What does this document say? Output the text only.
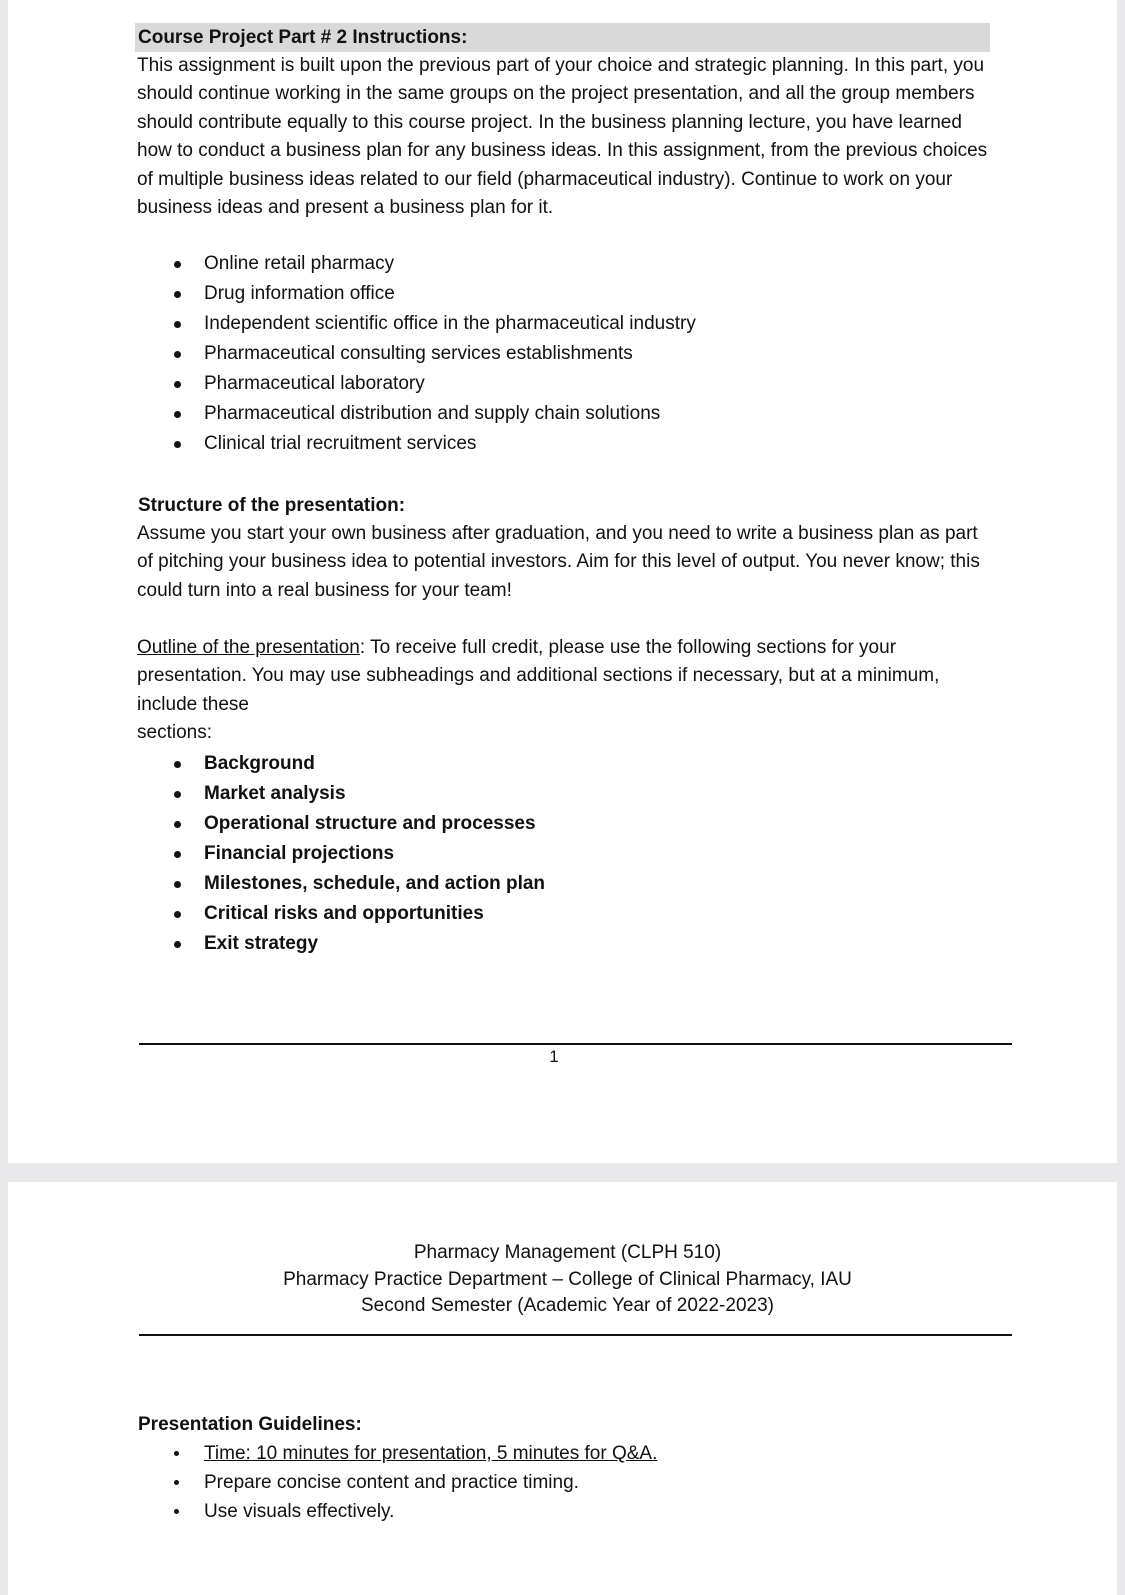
Course Project Part # 2 Instructions:
This assignment is built upon the previous part of your choice and strategic planning. In this part, you should continue working in the same groups on the project presentation, and all the group members should contribute equally to this course project. In the business planning lecture, you have learned how to conduct a business plan for any business ideas. In this assignment, from the previous choices of multiple business ideas related to our field (pharmaceutical industry). Continue to work on your business ideas and present a business plan for it.
Online retail pharmacy
Drug information office
Independent scientific office in the pharmaceutical industry
Pharmaceutical consulting services establishments
Pharmaceutical laboratory
Pharmaceutical distribution and supply chain solutions
Clinical trial recruitment services
Structure of the presentation:
Assume you start your own business after graduation, and you need to write a business plan as part of pitching your business idea to potential investors. Aim for this level of output. You never know; this could turn into a real business for your team!

Outline of the presentation: To receive full credit, please use the following sections for your presentation. You may use subheadings and additional sections if necessary, but at a minimum,

include these

sections:

Background
Market analysis
Operational structure and processes
Financial projections
Milestones, schedule, and action plan
Critical risks and opportunities
Exit strategy
1

Pharmacy Management (CLPH 510)

Pharmacy Practice Department – College of Clinical Pharmacy, IAU

Second Semester (Academic Year of 2022-2023)

Presentation Guidelines:
Time: 10 minutes for presentation, 5 minutes for Q&A.
Prepare concise content and practice timing.
Use visuals effectively.
